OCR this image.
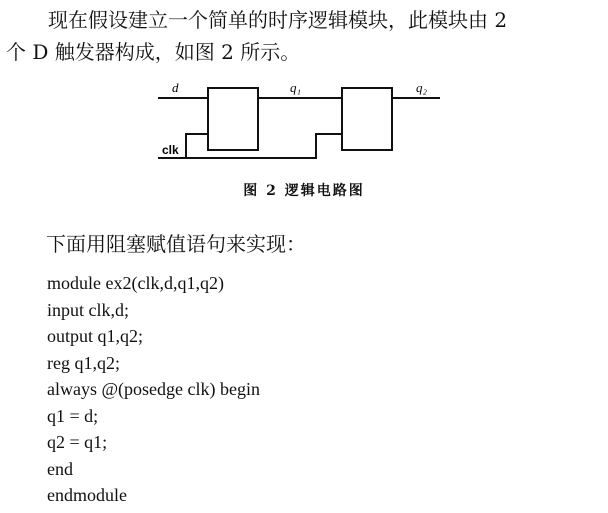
现在假设建立一个简单的时序逻辑模块，此模块由 2
个 D 触发器构成，如图 2 所示。
d	q₁	q₂
clk
图 2 逻辑电路图

下面用阻塞赋值语句来实现：

module ex2(clk,d,q1,q2)
input clk,d;
output q1,q2;
reg q1,q2;
always @(posedge clk) begin
q1 = d;
q2 = q1;
end
endmodule
